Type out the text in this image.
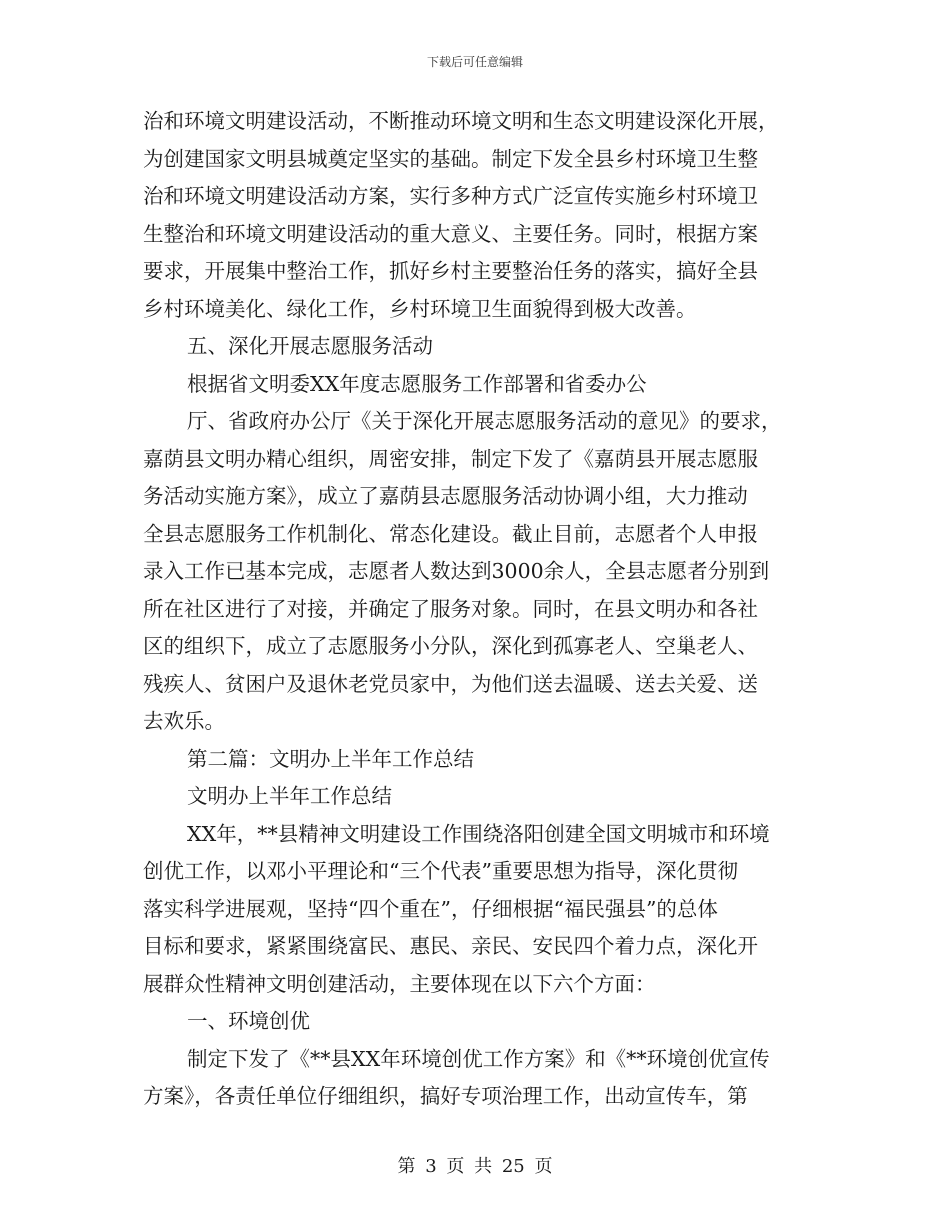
下载后可任意编辑
治和环境文明建设活动，不断推动环境文明和生态文明建设深化开展，
为创建国家文明县城奠定坚实的基础。制定下发全县乡村环境卫生整
治和环境文明建设活动方案，实行多种方式广泛宣传实施乡村环境卫
生整治和环境文明建设活动的重大意义、主要任务。同时，根据方案
要求，开展集中整治工作，抓好乡村主要整治任务的落实，搞好全县
乡村环境美化、绿化工作，乡村环境卫生面貌得到极大改善。
五、深化开展志愿服务活动
根据省文明委XX年度志愿服务工作部署和省委办公
厅、省政府办公厅《关于深化开展志愿服务活动的意见》的要求，
嘉荫县文明办精心组织，周密安排，制定下发了《嘉荫县开展志愿服
务活动实施方案》，成立了嘉荫县志愿服务活动协调小组，大力推动
全县志愿服务工作机制化、常态化建设。截止目前，志愿者个人申报
录入工作已基本完成，志愿者人数达到3000余人，全县志愿者分别到
所在社区进行了对接，并确定了服务对象。同时，在县文明办和各社
区的组织下，成立了志愿服务小分队，深化到孤寡老人、空巢老人、
残疾人、贫困户及退休老党员家中，为他们送去温暖、送去关爱、送
去欢乐。
第二篇：文明办上半年工作总结
文明办上半年工作总结
XX年，**县精神文明建设工作围绕洛阳创建全国文明城市和环境
创优工作，以邓小平理论和“三个代表”重要思想为指导，深化贯彻
落实科学进展观，坚持“四个重在”，仔细根据“福民强县”的总体
目标和要求，紧紧围绕富民、惠民、亲民、安民四个着力点，深化开
展群众性精神文明创建活动，主要体现在以下六个方面：
一、环境创优
制定下发了《**县XX年环境创优工作方案》和《**环境创优宣传
方案》，各责任单位仔细组织，搞好专项治理工作，出动宣传车，第
第 3 页 共 25 页
